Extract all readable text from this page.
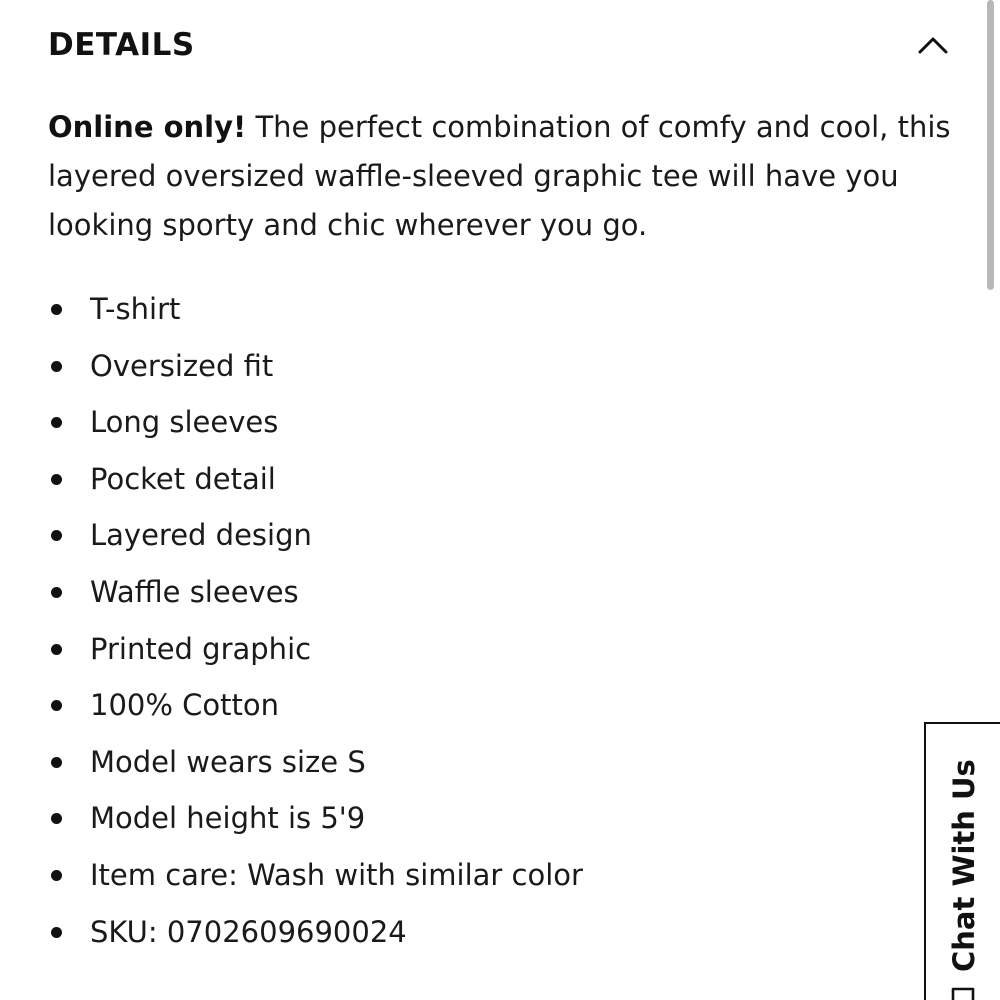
DETAILS

Online only! The perfect combination of comfy and cool, this layered oversized waffle-sleeved graphic tee will have you looking sporty and chic wherever you go.

T-shirt
Oversized fit
Long sleeves
Pocket detail
Layered design
Waffle sleeves
Printed graphic
100% Cotton
Model wears size S
Model height is 5'9
Item care: Wash with similar color
SKU: 0702609690024	Chat With Us
